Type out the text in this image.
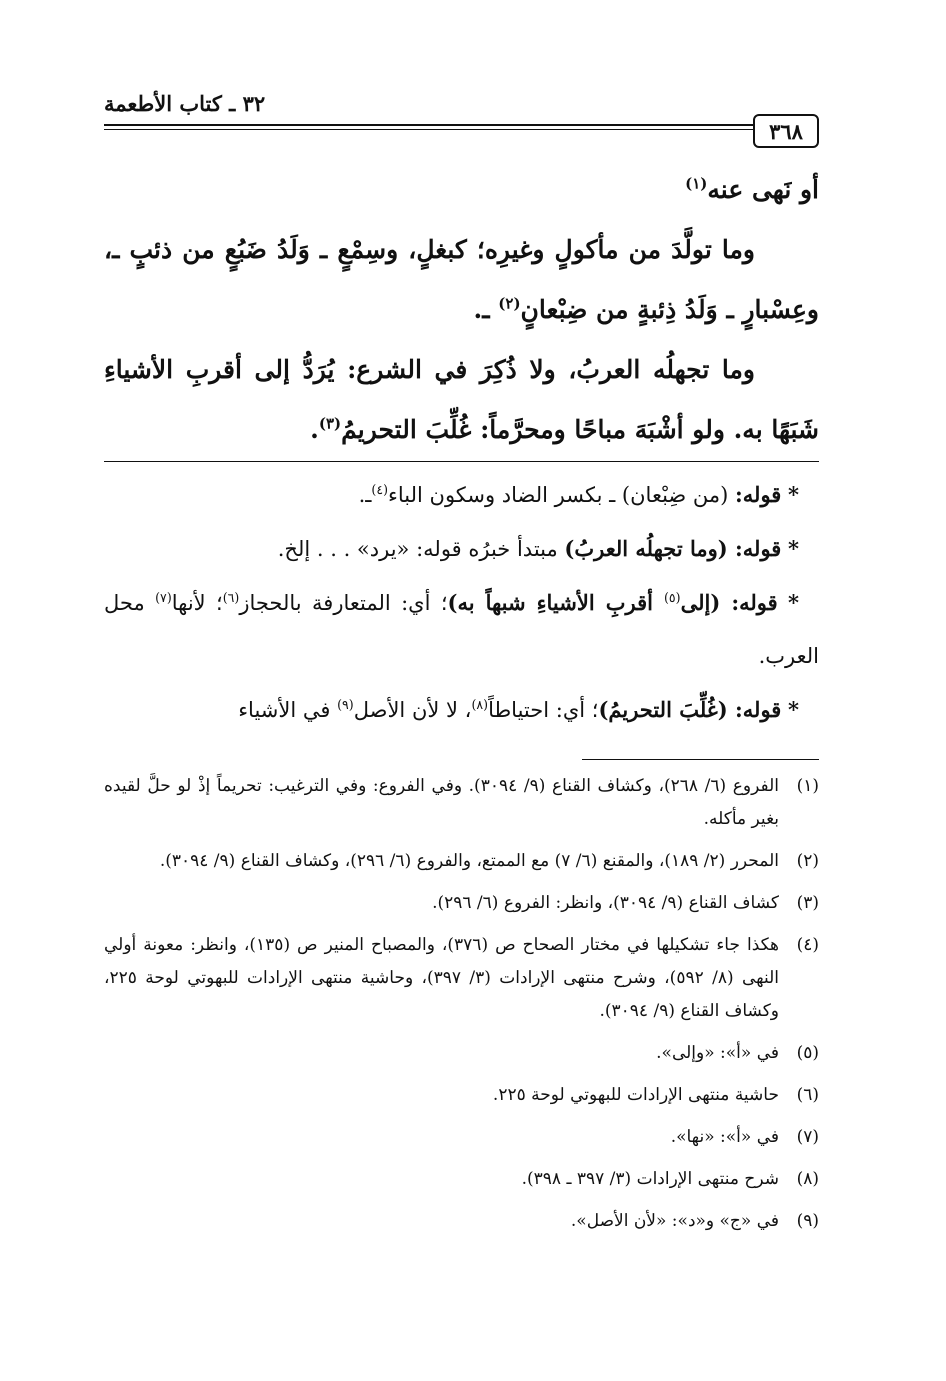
٣٦٨
٣٢ ـ كتاب الأطعمة

أو نَهى عنه$^{(١)}$

وما تولَّدَ من مأكولٍ وغيرِه؛ كبغلٍ، وسِمْعٍ ـ وَلَدُ ضَبُعٍ من ذئبٍ ـ، وعِسْبارٍ ـ وَلَدُ ذِئبةٍ من ضِبْعانٍ$^{(٢)}$ ـ.

وما تجهلُه العربُ، ولا ذُكِرَ في الشرع: يُرَدُّ إلى أقربِ الأشياءِ شَبَهًا به. ولو أشْبَهَ مباحًا ومحرَّماً: غُلِّبَ التحريمُ$^{(٣)}$.

* قوله: (من ضِبْعان) ـ بكسر الضاد وسكون الباء$^{(٤)}$ـ.

* قوله: (وما تجهلُه العربُ) مبتدأ خبرُه قوله: «يرد» . . . إلخ.

* قوله: (إلى$^{(٥)}$ أقربِ الأشياءِ شبهاً به)؛ أي: المتعارفة بالحجاز$^{(٦)}$؛ لأنها$^{(٧)}$ محل العرب.

* قوله: (غُلِّبَ التحريمُ)؛ أي: احتياطاً$^{(٨)}$، لا لأن الأصل$^{(٩)}$ في الأشياء

(١)
الفروع (٦/ ٢٦٨)، وكشاف القناع (٩/ ٣٠٩٤). وفي الفروع: وفي الترغيب: تحريماً إذْ لو حلَّ لقيده بغير مأكله.
(٢)
المحرر (٢/ ١٨٩)، والمقنع (٦/ ٧) مع الممتع، والفروع (٦/ ٢٩٦)، وكشاف القناع (٩/ ٣٠٩٤).
(٣)
كشاف القناع (٩/ ٣٠٩٤)، وانظر: الفروع (٦/ ٢٩٦).
(٤)
هكذا جاء تشكيلها في مختار الصحاح ص (٣٧٦)، والمصباح المنير ص (١٣٥)، وانظر: معونة أولي النهى (٨/ ٥٩٢)، وشرح منتهى الإرادات (٣/ ٣٩٧)، وحاشية منتهى الإرادات للبهوتي لوحة ٢٢٥، وكشاف القناع (٩/ ٣٠٩٤).
(٥)
في «أ»: «وإلى».
(٦)
حاشية منتهى الإرادات للبهوتي لوحة ٢٢٥.
(٧)
في «أ»: «نها».
(٨)
شرح منتهى الإرادات (٣/ ٣٩٧ ـ ٣٩٨).
(٩)
في «ج» و«د»: «لأن الأصل».
